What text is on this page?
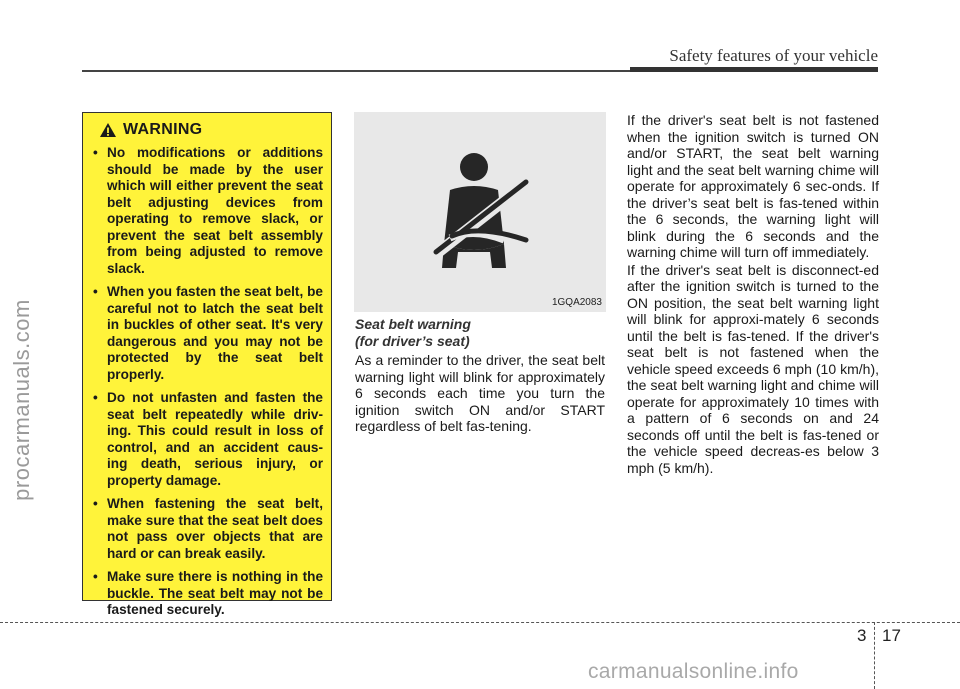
procarmanuals.com
Safety features of your vehicle
WARNING
• No modifications or additions should be made by the user which will either prevent the seat belt adjusting devices from operating to remove slack, or prevent the seat belt assembly from being adjusted to remove slack.
• When you fasten the seat belt, be careful not to latch the seat belt in buckles of other seat. It's very dangerous and you may not be protected by the seat belt properly.
• Do not unfasten and fasten the seat belt repeatedly while driv-ing. This could result in loss of control, and an accident caus-ing death, serious injury, or property damage.
• When fastening the seat belt, make sure that the seat belt does not pass over objects that are hard or can break easily.
• Make sure there is nothing in the buckle. The seat belt may not be fastened securely.
1GQA2083
Seat belt warning
(for driver’s seat)

As a reminder to the driver, the seat belt warning light will blink for approximately 6 seconds each time you turn the ignition switch ON and/or START regardless of belt fas-tening.

If the driver's seat belt is not fastened when the ignition switch is turned ON and/or START, the seat belt warning light and the seat belt warning chime will operate for approximately 6 sec-onds. If the driver’s seat belt is fas-tened within the 6 seconds, the warning light will blink during the 6 seconds and the warning chime will turn off immediately.

If the driver's seat belt is disconnect-ed after the ignition switch is turned to the ON position, the seat belt warning light will blink for approxi-mately 6 seconds until the belt is fas-tened. If the driver's seat belt is not fastened when the vehicle speed exceeds 6 mph (10 km/h), the seat belt warning light and chime will operate for approximately 10 times with a pattern of 6 seconds on and 24 seconds off until the belt is fas-tened or the vehicle speed decreas-es below 3 mph (5 km/h).

3 17
carmanualsonline.info
